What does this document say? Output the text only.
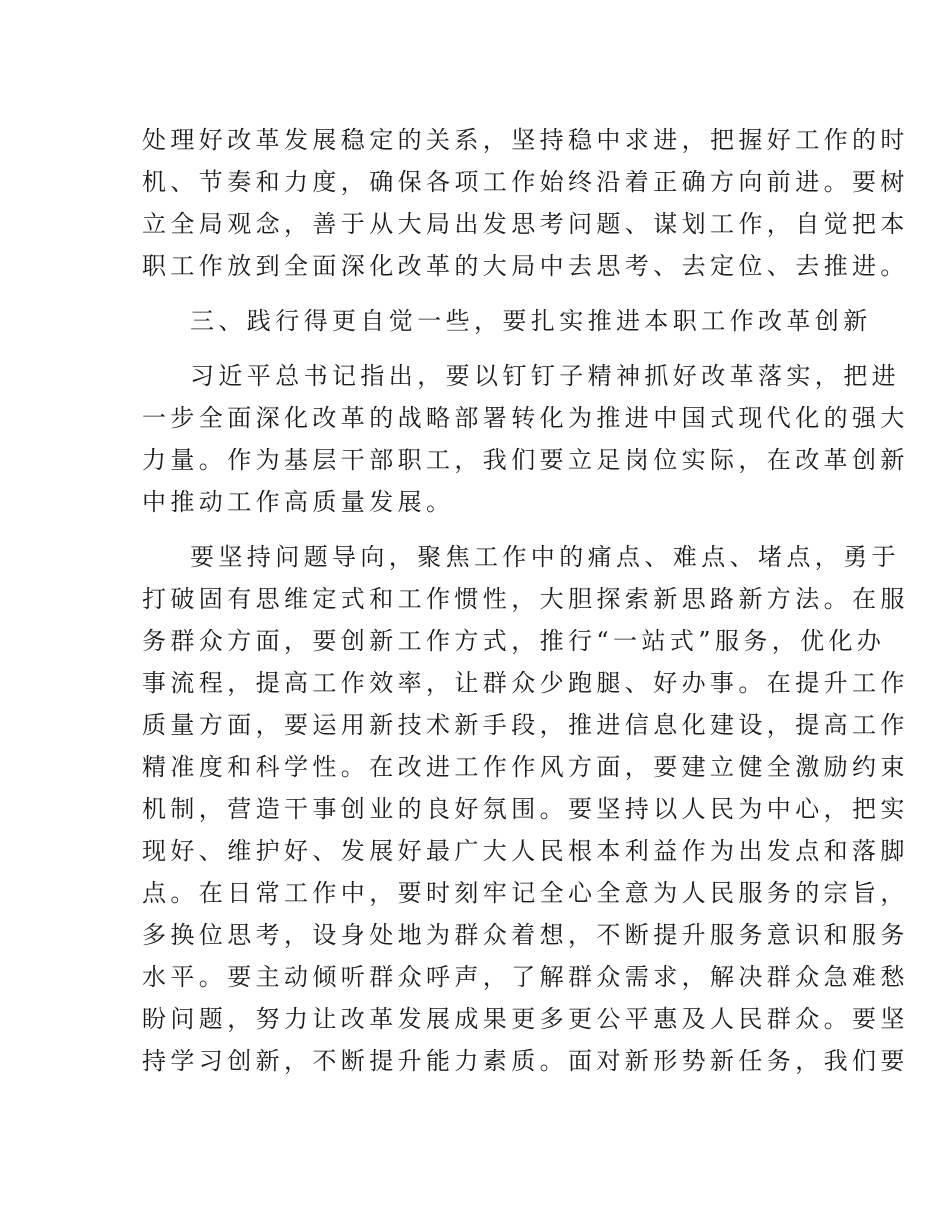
处理好改革发展稳定的关系，坚持稳中求进，把握好工作的时
机、节奏和力度，确保各项工作始终沿着正确方向前进。要树
立全局观念，善于从大局出发思考问题、谋划工作，自觉把本
职工作放到全面深化改革的大局中去思考、去定位、去推进。
三、践行得更自觉一些，要扎实推进本职工作改革创新
习近平总书记指出，要以钉钉子精神抓好改革落实，把进
一步全面深化改革的战略部署转化为推进中国式现代化的强大
力量。作为基层干部职工，我们要立足岗位实际，在改革创新
中推动工作高质量发展。
要坚持问题导向，聚焦工作中的痛点、难点、堵点，勇于
打破固有思维定式和工作惯性，大胆探索新思路新方法。在服
务群众方面，要创新工作方式，推行“一站式”服务，优化办
事流程，提高工作效率，让群众少跑腿、好办事。在提升工作
质量方面，要运用新技术新手段，推进信息化建设，提高工作
精准度和科学性。在改进工作作风方面，要建立健全激励约束
机制，营造干事创业的良好氛围。要坚持以人民为中心，把实
现好、维护好、发展好最广大人民根本利益作为出发点和落脚
点。在日常工作中，要时刻牢记全心全意为人民服务的宗旨，
多换位思考，设身处地为群众着想，不断提升服务意识和服务
水平。要主动倾听群众呼声，了解群众需求，解决群众急难愁
盼问题，努力让改革发展成果更多更公平惠及人民群众。要坚
持学习创新，不断提升能力素质。面对新形势新任务，我们要
